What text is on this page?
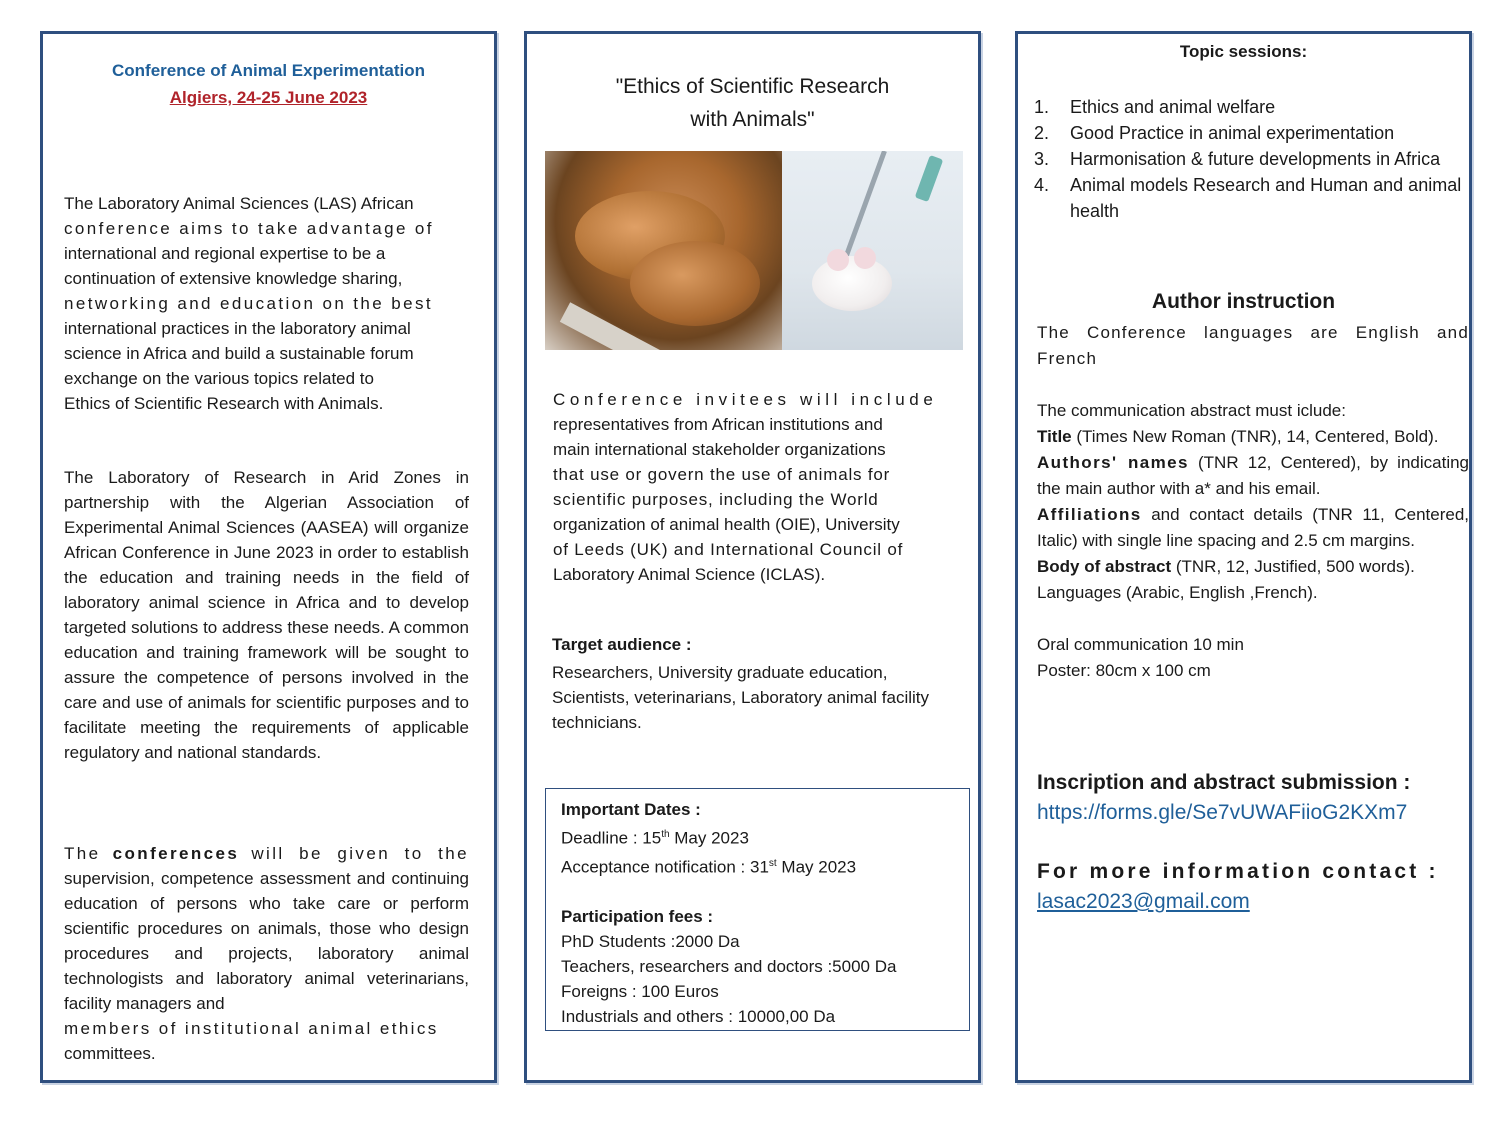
Conference of Animal Experimentation
Algiers, 24-25 June 2023
The Laboratory Animal Sciences (LAS) African
conference aims to take advantage of
international and regional expertise to be a
continuation of extensive knowledge sharing,
networking and education on the best
international practices in the laboratory animal
science in Africa and build a sustainable forum
exchange on the various topics related to
Ethics of Scientific Research with Animals.
The Laboratory of Research in Arid Zones in partnership with the Algerian Association of Experimental Animal Sciences (AASEA) will organize African Conference in June 2023 in order to establish the education and training needs in the field of laboratory animal science in Africa and to develop targeted solutions to address these needs. A common education and training framework will be sought to assure the competence of persons involved in the care and use of animals for scientific purposes and to facilitate meeting the requirements of applicable regulatory and national standards.
The conferences will be given to the supervision, competence assessment and continuing education of persons who take care or perform scientific procedures on animals, those who design procedures and projects, laboratory animal technologists and laboratory animal veterinarians, facility managers and
members of institutional animal ethics
committees.
"Ethics of Scientific Research
with Animals"
Conference invitees will include
representatives from African institutions and
main international stakeholder organizations
that use or govern the use of animals for
scientific purposes, including the World
organization of animal health (OIE), University
of Leeds (UK) and International Council of
Laboratory Animal Science (ICLAS).
Target audience :
Researchers, University graduate education, Scientists, veterinarians, Laboratory animal facility technicians.
Important Dates :
Deadline : 15th May 2023
Acceptance notification : 31st May 2023
Participation fees :
PhD Students :2000 Da
Teachers, researchers and doctors :5000 Da
Foreigns : 100 Euros
Industrials and others : 10000,00 Da
Topic sessions:
1.	Ethics and animal welfare
2.	Good Practice in animal experimentation
3.	Harmonisation & future developments in Africa
4.	Animal models Research and Human and animal health
Author instruction
The Conference languages are English and French
The communication abstract must iclude:
Title (Times New Roman (TNR), 14, Centered, Bold).
Authors' names (TNR 12, Centered), by indicating the main author with a* and his email.
Affiliations and contact details (TNR 11, Centered, Italic) with single line spacing and 2.5 cm margins.
Body of abstract (TNR, 12, Justified, 500 words).
Languages (Arabic, English ,French).
Oral communication 10 min
Poster: 80cm x 100 cm
Inscription and abstract submission :
https://forms.gle/Se7vUWAFiioG2KXm7
For more information contact :
lasac2023@gmail.com
